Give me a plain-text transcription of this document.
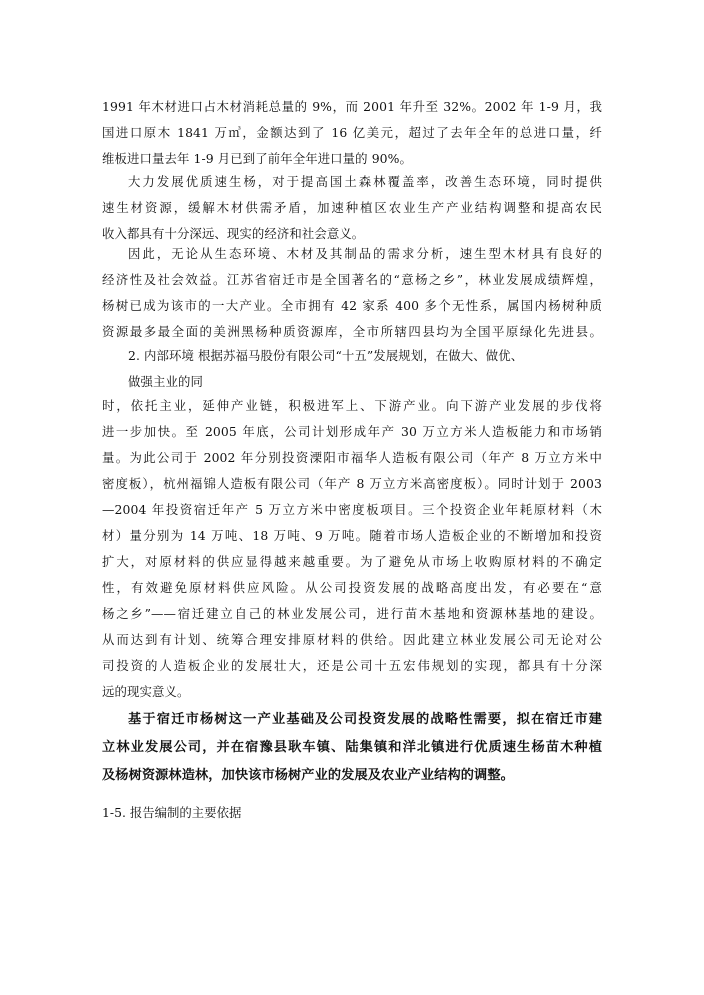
1991 年木材进口占木材消耗总量的 9%，而 2001 年升至 32%。2002 年 1-9 月，我
国进口原木 1841 万㎥，金额达到了 16 亿美元，超过了去年全年的总进口量，纤
维板进口量去年 1-9 月已到了前年全年进口量的 90%。

大力发展优质速生杨，对于提高国土森林覆盖率，改善生态环境，同时提供
速生材资源，缓解木材供需矛盾，加速种植区农业生产产业结构调整和提高农民
收入都具有十分深远、现实的经济和社会意义。

因此，无论从生态环境、木材及其制品的需求分析，速生型木材具有良好的
经济性及社会效益。江苏省宿迁市是全国著名的“意杨之乡”，林业发展成绩辉煌，
杨树已成为该市的一大产业。全市拥有 42 家系 400 多个无性系，属国内杨树种质
资源最多最全面的美洲黑杨种质资源库，全市所辖四县均为全国平原绿化先进县。

2. 内部环境 根据苏福马股份有限公司“十五”发展规划，在做大、做优、
做强主业的同

时，依托主业，延伸产业链，积极进军上、下游产业。向下游产业发展的步伐将
进一步加快。至 2005 年底，公司计划形成年产 30 万立方米人造板能力和市场销
量。为此公司于 2002 年分别投资溧阳市福华人造板有限公司（年产 8 万立方米中
密度板），杭州福锦人造板有限公司（年产 8 万立方米高密度板）。同时计划于 2003
—2004 年投资宿迁年产 5 万立方米中密度板项目。三个投资企业年耗原材料（木
材）量分别为 14 万吨、18 万吨、9 万吨。随着市场人造板企业的不断增加和投资
扩大，对原材料的供应显得越来越重要。为了避免从市场上收购原材料的不确定
性，有效避免原材料供应风险。从公司投资发展的战略高度出发，有必要在“意
杨之乡”——宿迁建立自己的林业发展公司，进行苗木基地和资源林基地的建设。
从而达到有计划、统筹合理安排原材料的供给。因此建立林业发展公司无论对公
司投资的人造板企业的发展壮大，还是公司十五宏伟规划的实现，都具有十分深
远的现实意义。

基于宿迁市杨树这一产业基础及公司投资发展的战略性需要，拟在宿迁市建
立林业发展公司，并在宿豫县耿车镇、陆集镇和洋北镇进行优质速生杨苗木种植
及杨树资源林造林，加快该市杨树产业的发展及农业产业结构的调整。

1-5. 报告编制的主要依据
